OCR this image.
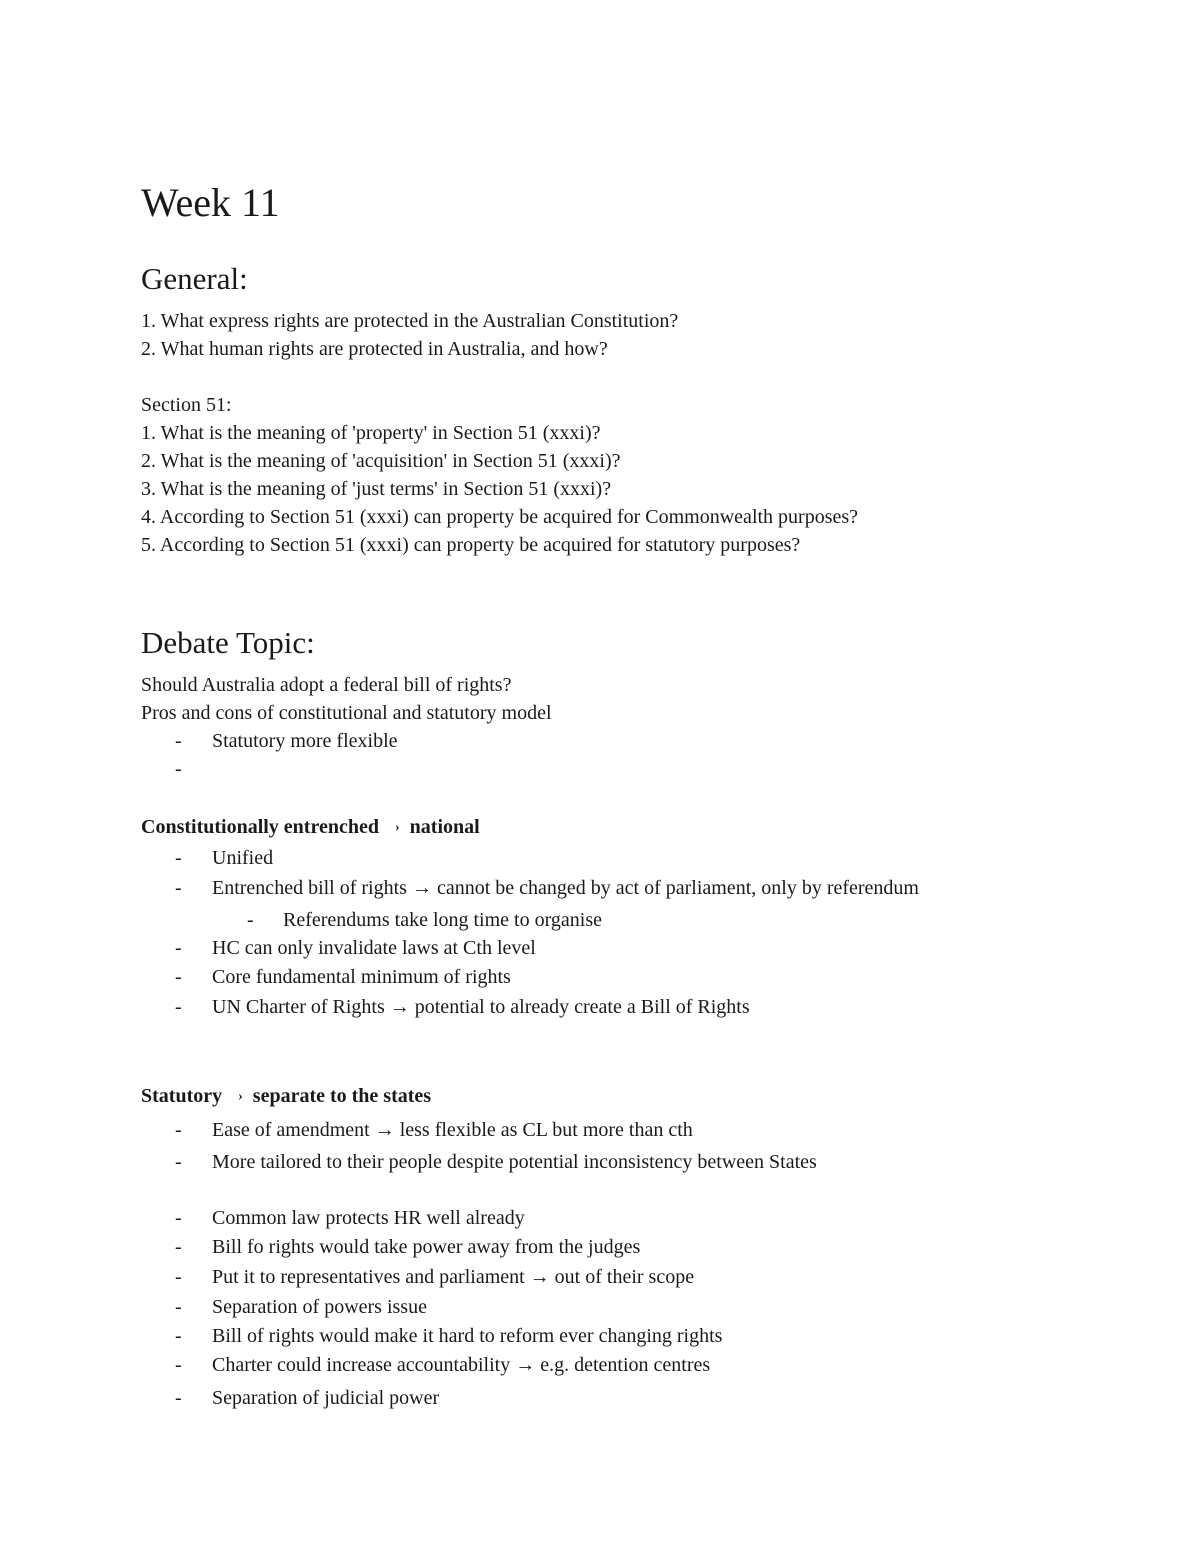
Week 11
General:
1. What express rights are protected in the Australian Constitution?
2. What human rights are protected in Australia, and how?
Section 51:
1. What is the meaning of 'property' in Section 51 (xxxi)?
2. What is the meaning of 'acquisition' in Section 51 (xxxi)?
3. What is the meaning of 'just terms' in Section 51 (xxxi)?
4. According to Section 51 (xxxi) can property be acquired for Commonwealth purposes?
5. According to Section 51 (xxxi) can property be acquired for statutory purposes?
Debate Topic:
Should Australia adopt a federal bill of rights?
Pros and cons of constitutional and statutory model
- Statutory more flexible
-
Constitutionally entrenched › national
- Unified
- Entrenched bill of rights → cannot be changed by act of parliament, only by referendum
- Referendums take long time to organise
- HC can only invalidate laws at Cth level
- Core fundamental minimum of rights
- UN Charter of Rights → potential to already create a Bill of Rights
Statutory › separate to the states
- Ease of amendment → less flexible as CL but more than cth
- More tailored to their people despite potential inconsistency between States
- Common law protects HR well already
- Bill fo rights would take power away from the judges
- Put it to representatives and parliament → out of their scope
- Separation of powers issue
- Bill of rights would make it hard to reform ever changing rights
- Charter could increase accountability → e.g. detention centres
- Separation of judicial power
